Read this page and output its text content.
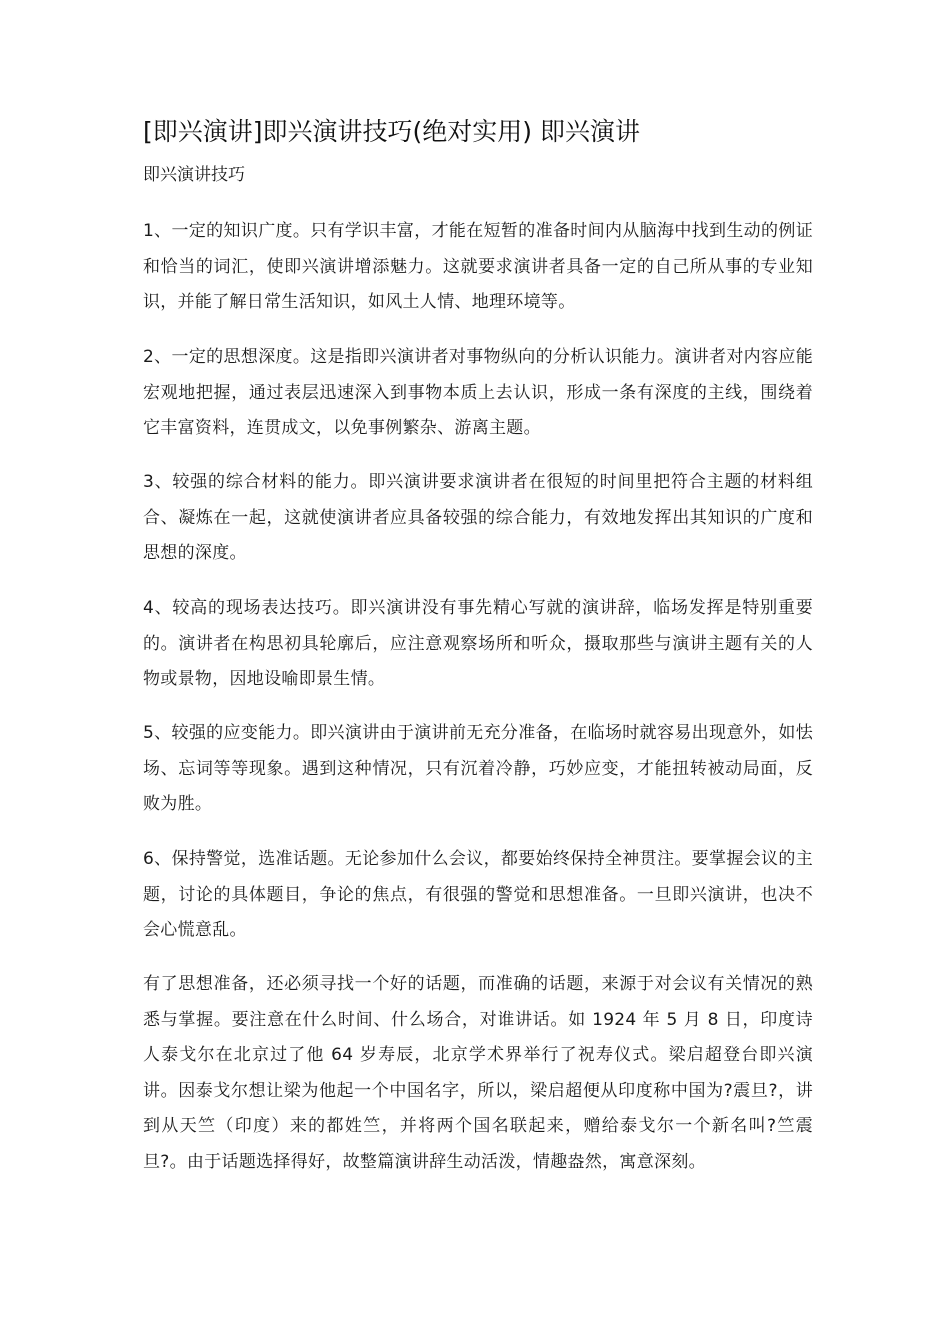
[即兴演讲]即兴演讲技巧(绝对实用) 即兴演讲

即兴演讲技巧

1、一定的知识广度。只有学识丰富，才能在短暂的准备时间内从脑海中找到生动的例证和恰当的词汇，使即兴演讲增添魅力。这就要求演讲者具备一定的自己所从事的专业知识，并能了解日常生活知识，如风土人情、地理环境等。

2、一定的思想深度。这是指即兴演讲者对事物纵向的分析认识能力。演讲者对内容应能宏观地把握，通过表层迅速深入到事物本质上去认识，形成一条有深度的主线，围绕着它丰富资料，连贯成文，以免事例繁杂、游离主题。

3、较强的综合材料的能力。即兴演讲要求演讲者在很短的时间里把符合主题的材料组合、凝炼在一起，这就使演讲者应具备较强的综合能力，有效地发挥出其知识的广度和思想的深度。

4、较高的现场表达技巧。即兴演讲没有事先精心写就的演讲辞，临场发挥是特别重要的。演讲者在构思初具轮廓后，应注意观察场所和听众，摄取那些与演讲主题有关的人物或景物，因地设喻即景生情。

5、较强的应变能力。即兴演讲由于演讲前无充分准备，在临场时就容易出现意外，如怯场、忘词等等现象。遇到这种情况，只有沉着冷静，巧妙应变，才能扭转被动局面，反败为胜。

6、保持警觉，选准话题。无论参加什么会议，都要始终保持全神贯注。要掌握会议的主题，讨论的具体题目，争论的焦点，有很强的警觉和思想准备。一旦即兴演讲，也决不会心慌意乱。

有了思想准备，还必须寻找一个好的话题，而准确的话题，来源于对会议有关情况的熟悉与掌握。要注意在什么时间、什么场合，对谁讲话。如 1924 年 5 月 8 日，印度诗人泰戈尔在北京过了他 64 岁寿辰，北京学术界举行了祝寿仪式。梁启超登台即兴演讲。因泰戈尔想让梁为他起一个中国名字，所以，梁启超便从印度称中国为?震旦?，讲到从天竺（印度）来的都姓竺，并将两个国名联起来，赠给泰戈尔一个新名叫?竺震旦?。由于话题选择得好，故整篇演讲辞生动活泼，情趣盎然，寓意深刻。
